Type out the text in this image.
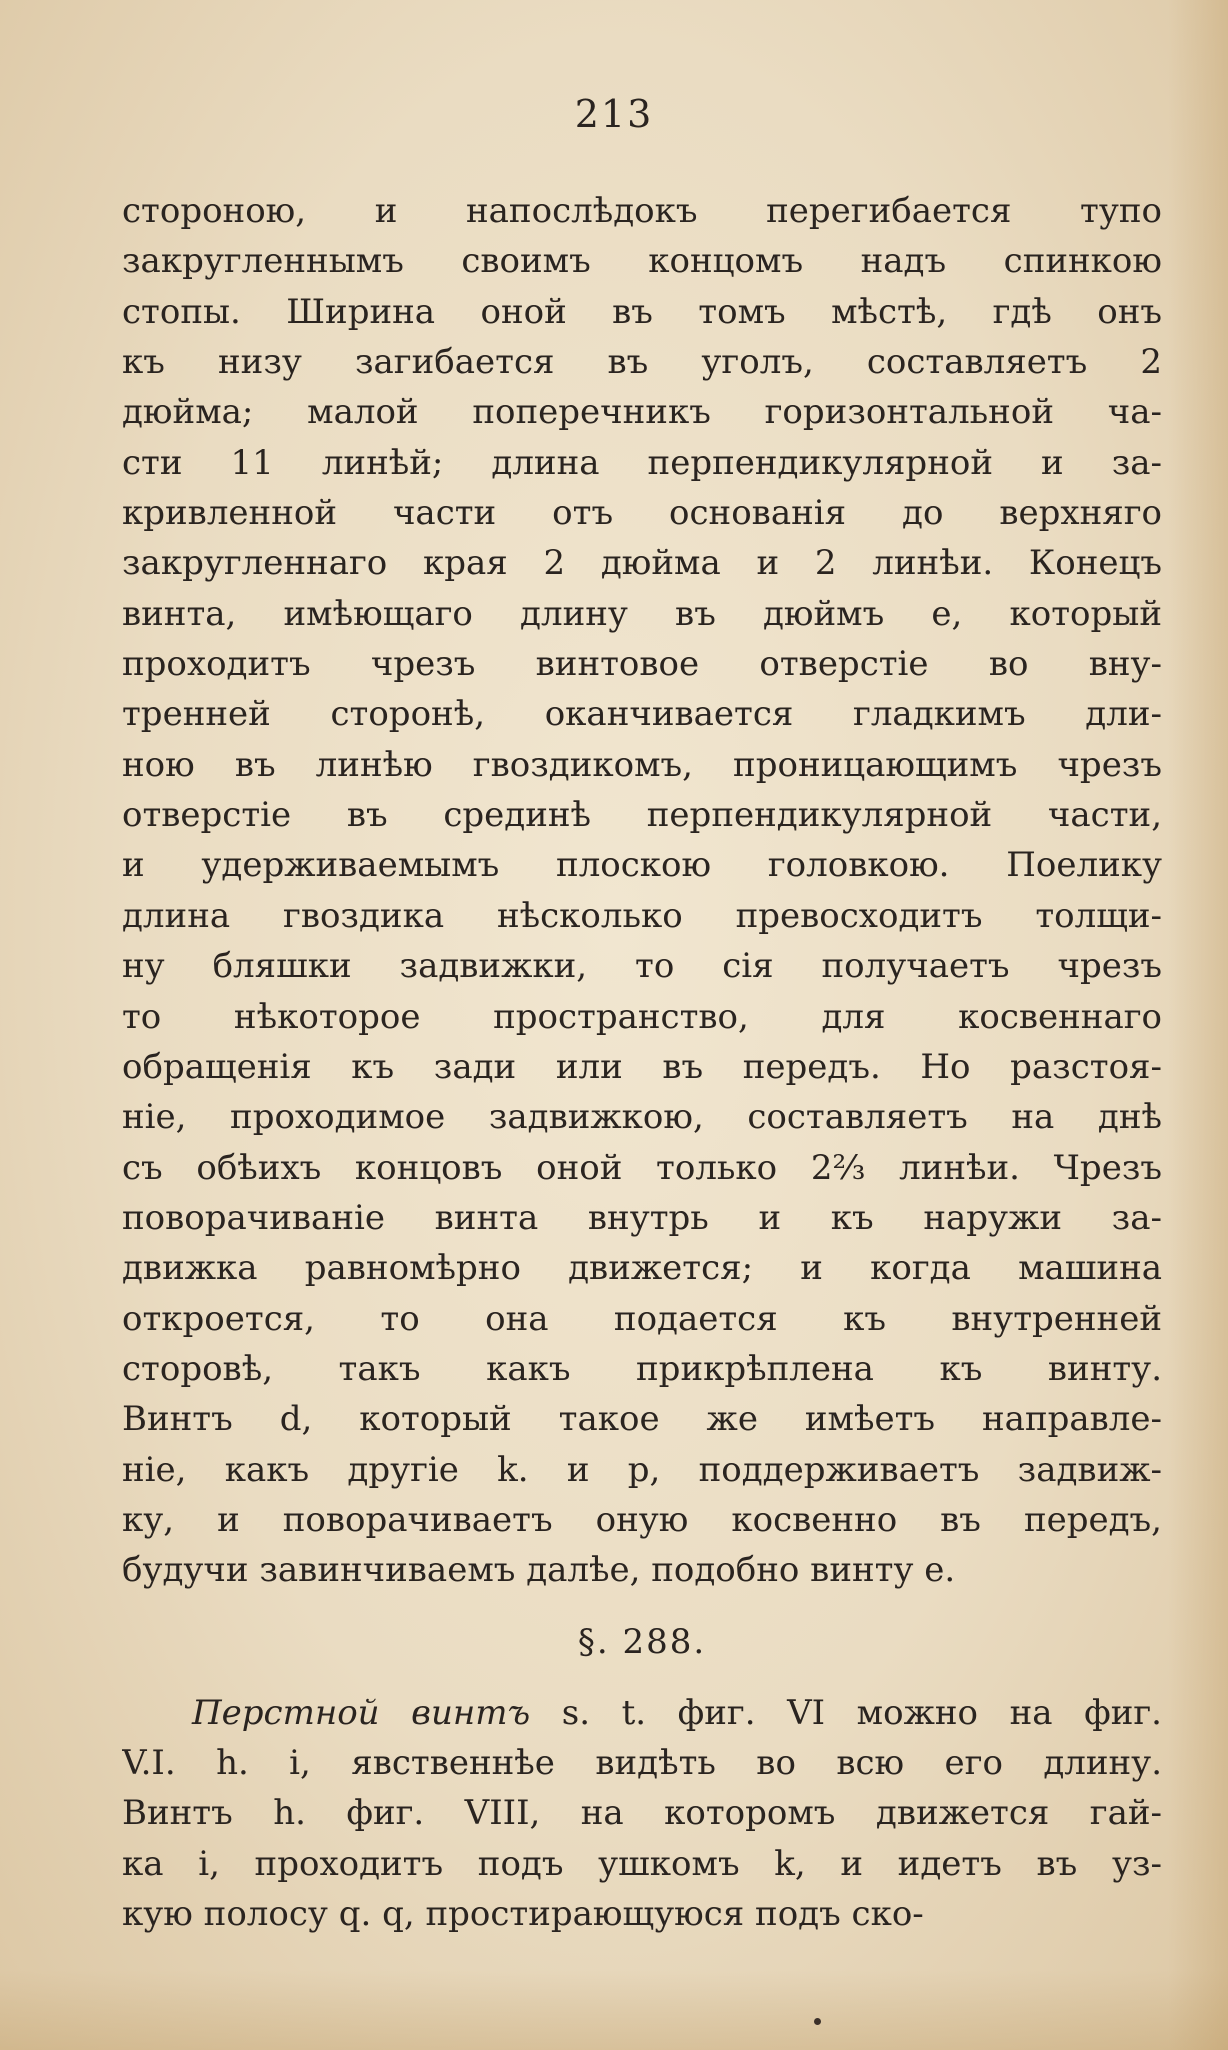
213
стороною, и напослѣдокъ перегибается тупо
закругленнымъ своимъ концомъ надъ спинкою
стопы. Ширина оной въ томъ мѣстѣ, гдѣ онъ
къ низу загибается въ уголъ, составляетъ 2
дюйма; малой поперечникъ горизонтальной ча-
сти 11 линѣй; длина перпендикулярной и за-
кривленной части отъ основанія до верхняго
закругленнаго края 2 дюйма и 2 линѣи. Конецъ
винта, имѣющаго длину въ дюймъ е, который
проходитъ чрезъ винтовое отверстіе во вну-
тренней сторонѣ, оканчивается гладкимъ дли-
ною въ линѣю гвоздикомъ, проницающимъ чрезъ
отверстіе въ срединѣ перпендикулярной части,
и удерживаемымъ плоскою головкою. Поелику
длина гвоздика нѣсколько превосходитъ толщи-
ну бляшки задвижки, то сія получаетъ чрезъ
то нѣкоторое пространство, для косвеннаго
обращенія къ зади или въ передъ. Но разстоя-
ніе, проходимое задвижкою, составляетъ на днѣ
съ обѣихъ концовъ оной только 2⅔ линѣи. Чрезъ
поворачиваніе винта внутрь и къ наружи за-
движка равномѣрно движется; и когда машина
откроется, то она подается къ внутренней
сторовѣ, такъ какъ прикрѣплена къ винту.
Винтъ d, который такое же имѣетъ направле-
ніе, какъ другіе k. и p, поддерживаетъ задвиж-
ку, и поворачиваетъ оную косвенно въ передъ,
будучи завинчиваемъ далѣе, подобно винту е.
§. 288.
Перстной винтъ s. t. фиг. VI можно на фиг.
V.I. h. i, явственнѣе видѣть во всю его длину.
Винтъ h. фиг. VIII, на которомъ движется гай-
ка i, проходитъ подъ ушкомъ k, и идетъ въ уз-
кую полосу q. q, простирающуюся подъ ско-
